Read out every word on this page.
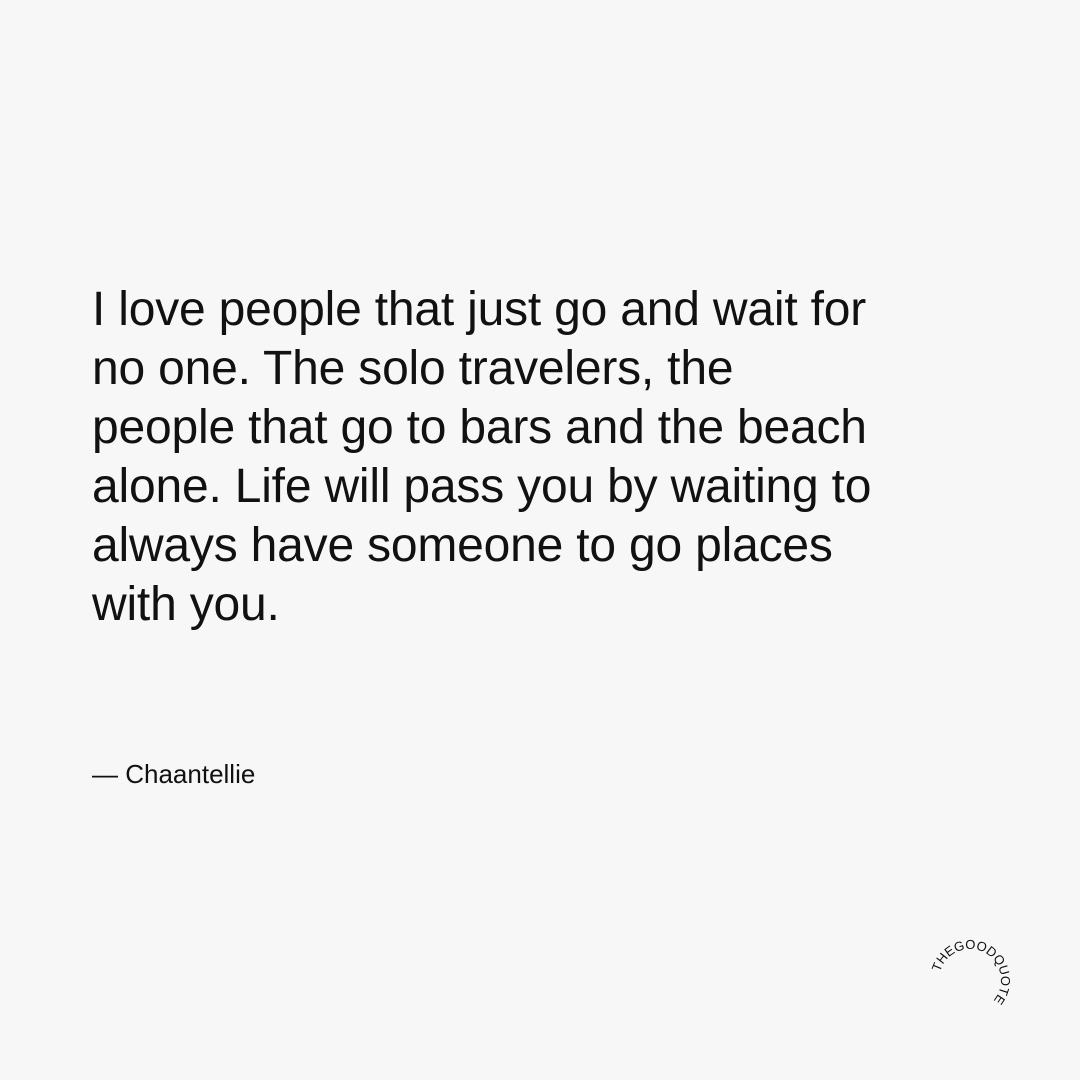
I love people that just go and wait for
no one. The solo travelers, the
people that go to bars and the beach
alone. Life will pass you by waiting to
always have someone to go places
with you.

— Chaantellie

THEGOODQUOTE
